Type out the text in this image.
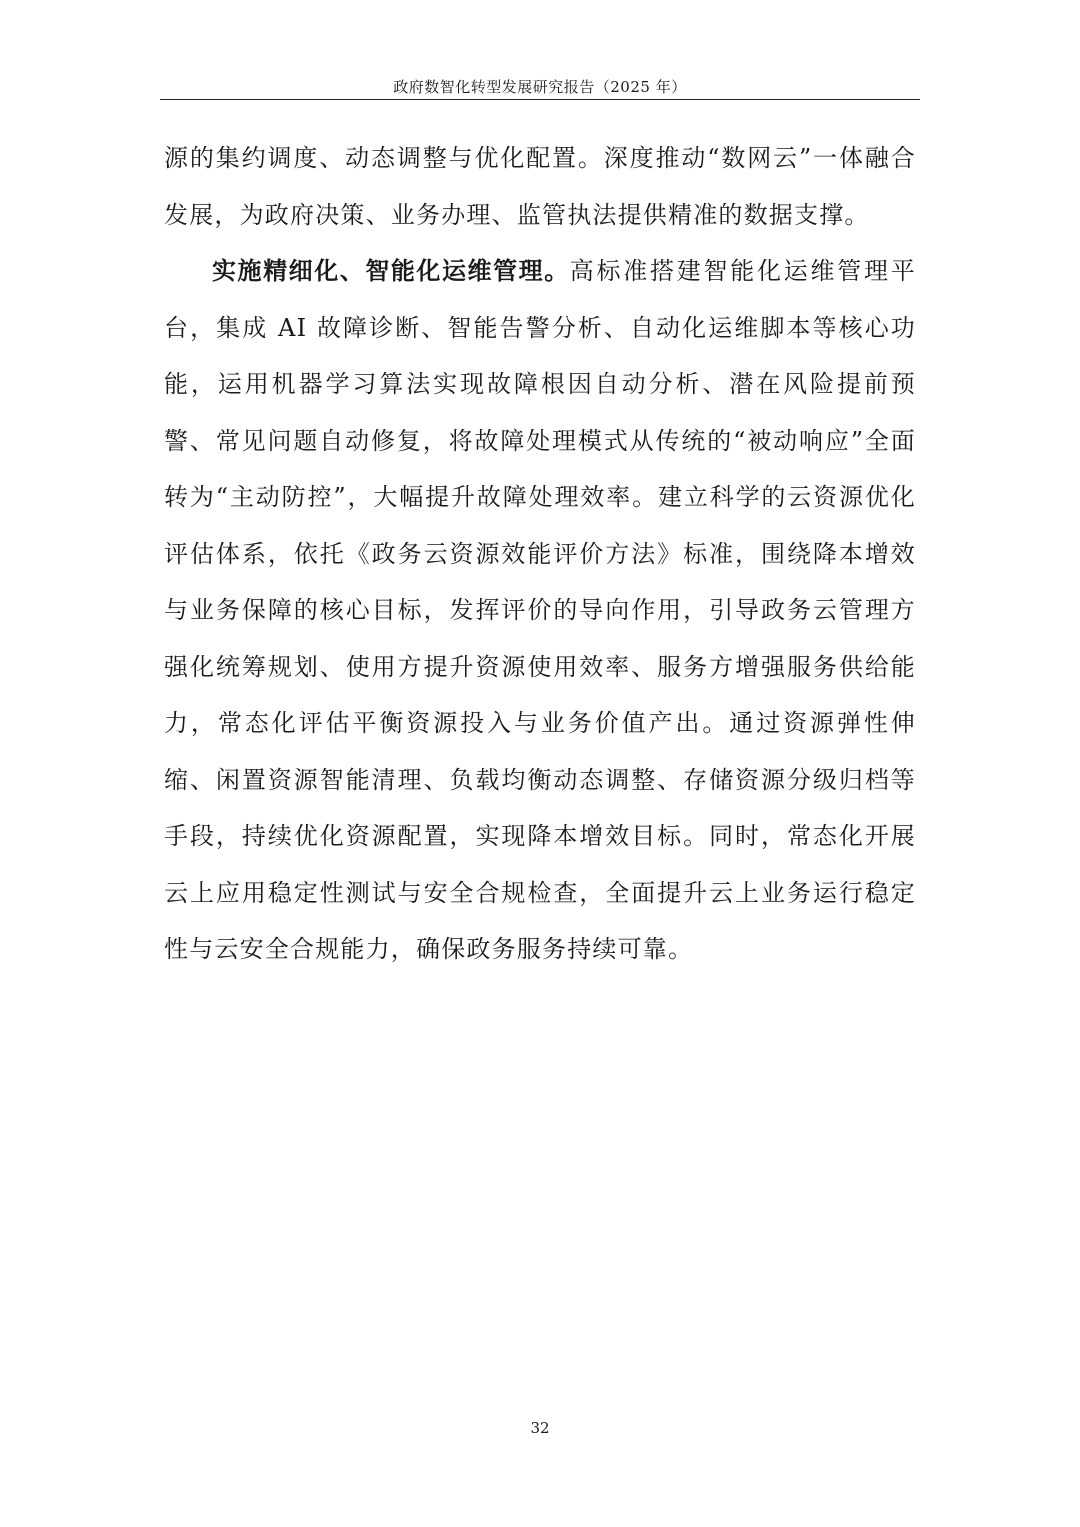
政府数智化转型发展研究报告（2025 年）

源的集约调度、动态调整与优化配置。深度推动“数网云”一体融合发展，为政府决策、业务办理、监管执法提供精准的数据支撑。

实施精细化、智能化运维管理。高标准搭建智能化运维管理平台，集成 AI 故障诊断、智能告警分析、自动化运维脚本等核心功能，运用机器学习算法实现故障根因自动分析、潜在风险提前预警、常见问题自动修复，将故障处理模式从传统的“被动响应”全面转为“主动防控”，大幅提升故障处理效率。建立科学的云资源优化评估体系，依托《政务云资源效能评价方法》标准，围绕降本增效与业务保障的核心目标，发挥评价的导向作用，引导政务云管理方强化统筹规划、使用方提升资源使用效率、服务方增强服务供给能力，常态化评估平衡资源投入与业务价值产出。通过资源弹性伸缩、闲置资源智能清理、负载均衡动态调整、存储资源分级归档等手段，持续优化资源配置，实现降本增效目标。同时，常态化开展云上应用稳定性测试与安全合规检查，全面提升云上业务运行稳定性与云安全合规能力，确保政务服务持续可靠。

32
